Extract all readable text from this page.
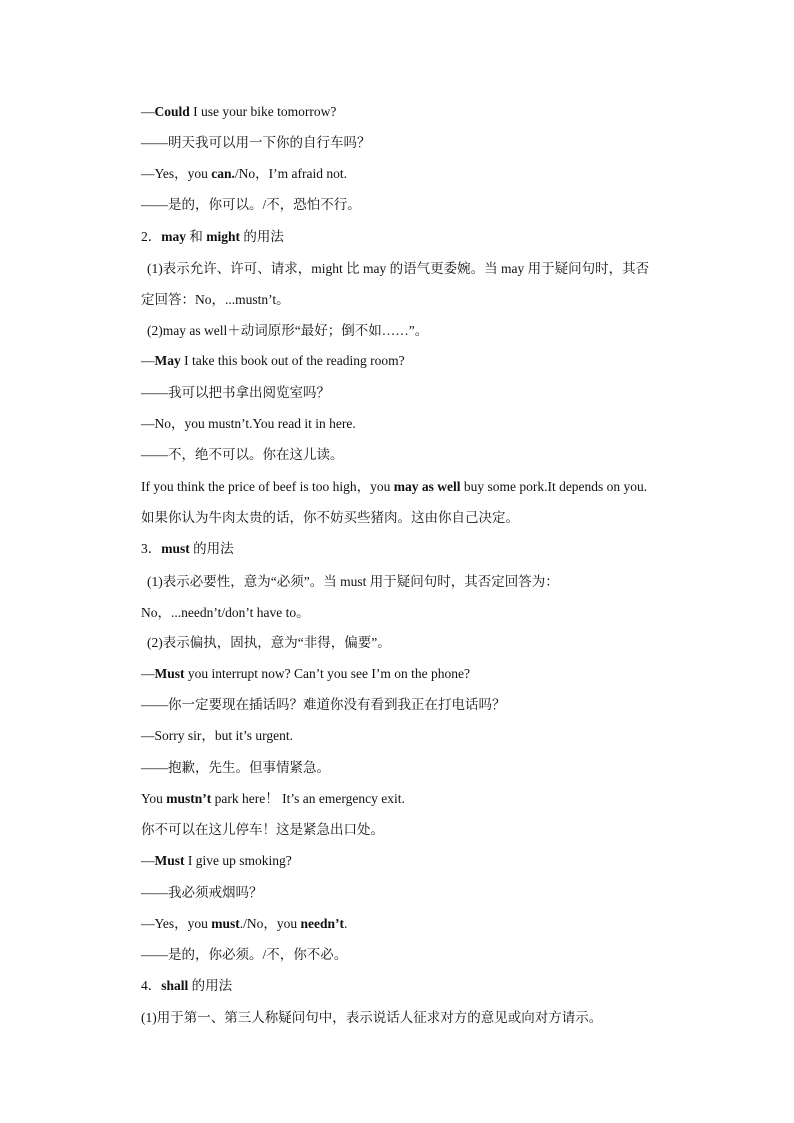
—Could I use your bike tomorrow?
——明天我可以用一下你的自行车吗？
—Yes，you can./No，I’m afraid not.
——是的，你可以。/不，恐怕不行。
2．may 和 might 的用法
(1)表示允许、许可、请求，might 比 may 的语气更委婉。当 may 用于疑问句时，其否定回答：No，...mustn’t。
(2)may as well＋动词原形“最好；倒不如……”。
—May I take this book out of the reading room?
——我可以把书拿出阅览室吗？
—No，you mustn’t.You read it in here.
——不，绝不可以。你在这儿读。
If you think the price of beef is too high，you may as well buy some pork.It depends on you.
如果你认为牛肉太贵的话，你不妨买些猪肉。这由你自己决定。
3．must 的用法
(1)表示必要性，意为“必须”。当 must 用于疑问句时，其否定回答为：No，...needn’t/don’t have to。
(2)表示偏执，固执，意为“非得，偏要”。
—Must you interrupt now? Can’t you see I’m on the phone?
——你一定要现在插话吗？难道你没有看到我正在打电话吗？
—Sorry sir，but it’s urgent.
——抱歉，先生。但事情紧急。
You mustn’t park here！ It’s an emergency exit.
你不可以在这儿停车！这是紧急出口处。
—Must I give up smoking?
——我必须戒烟吗？
—Yes，you must./No，you needn’t.
——是的，你必须。/不，你不必。
4．shall 的用法
(1)用于第一、第三人称疑问句中，表示说话人征求对方的意见或向对方请示。
